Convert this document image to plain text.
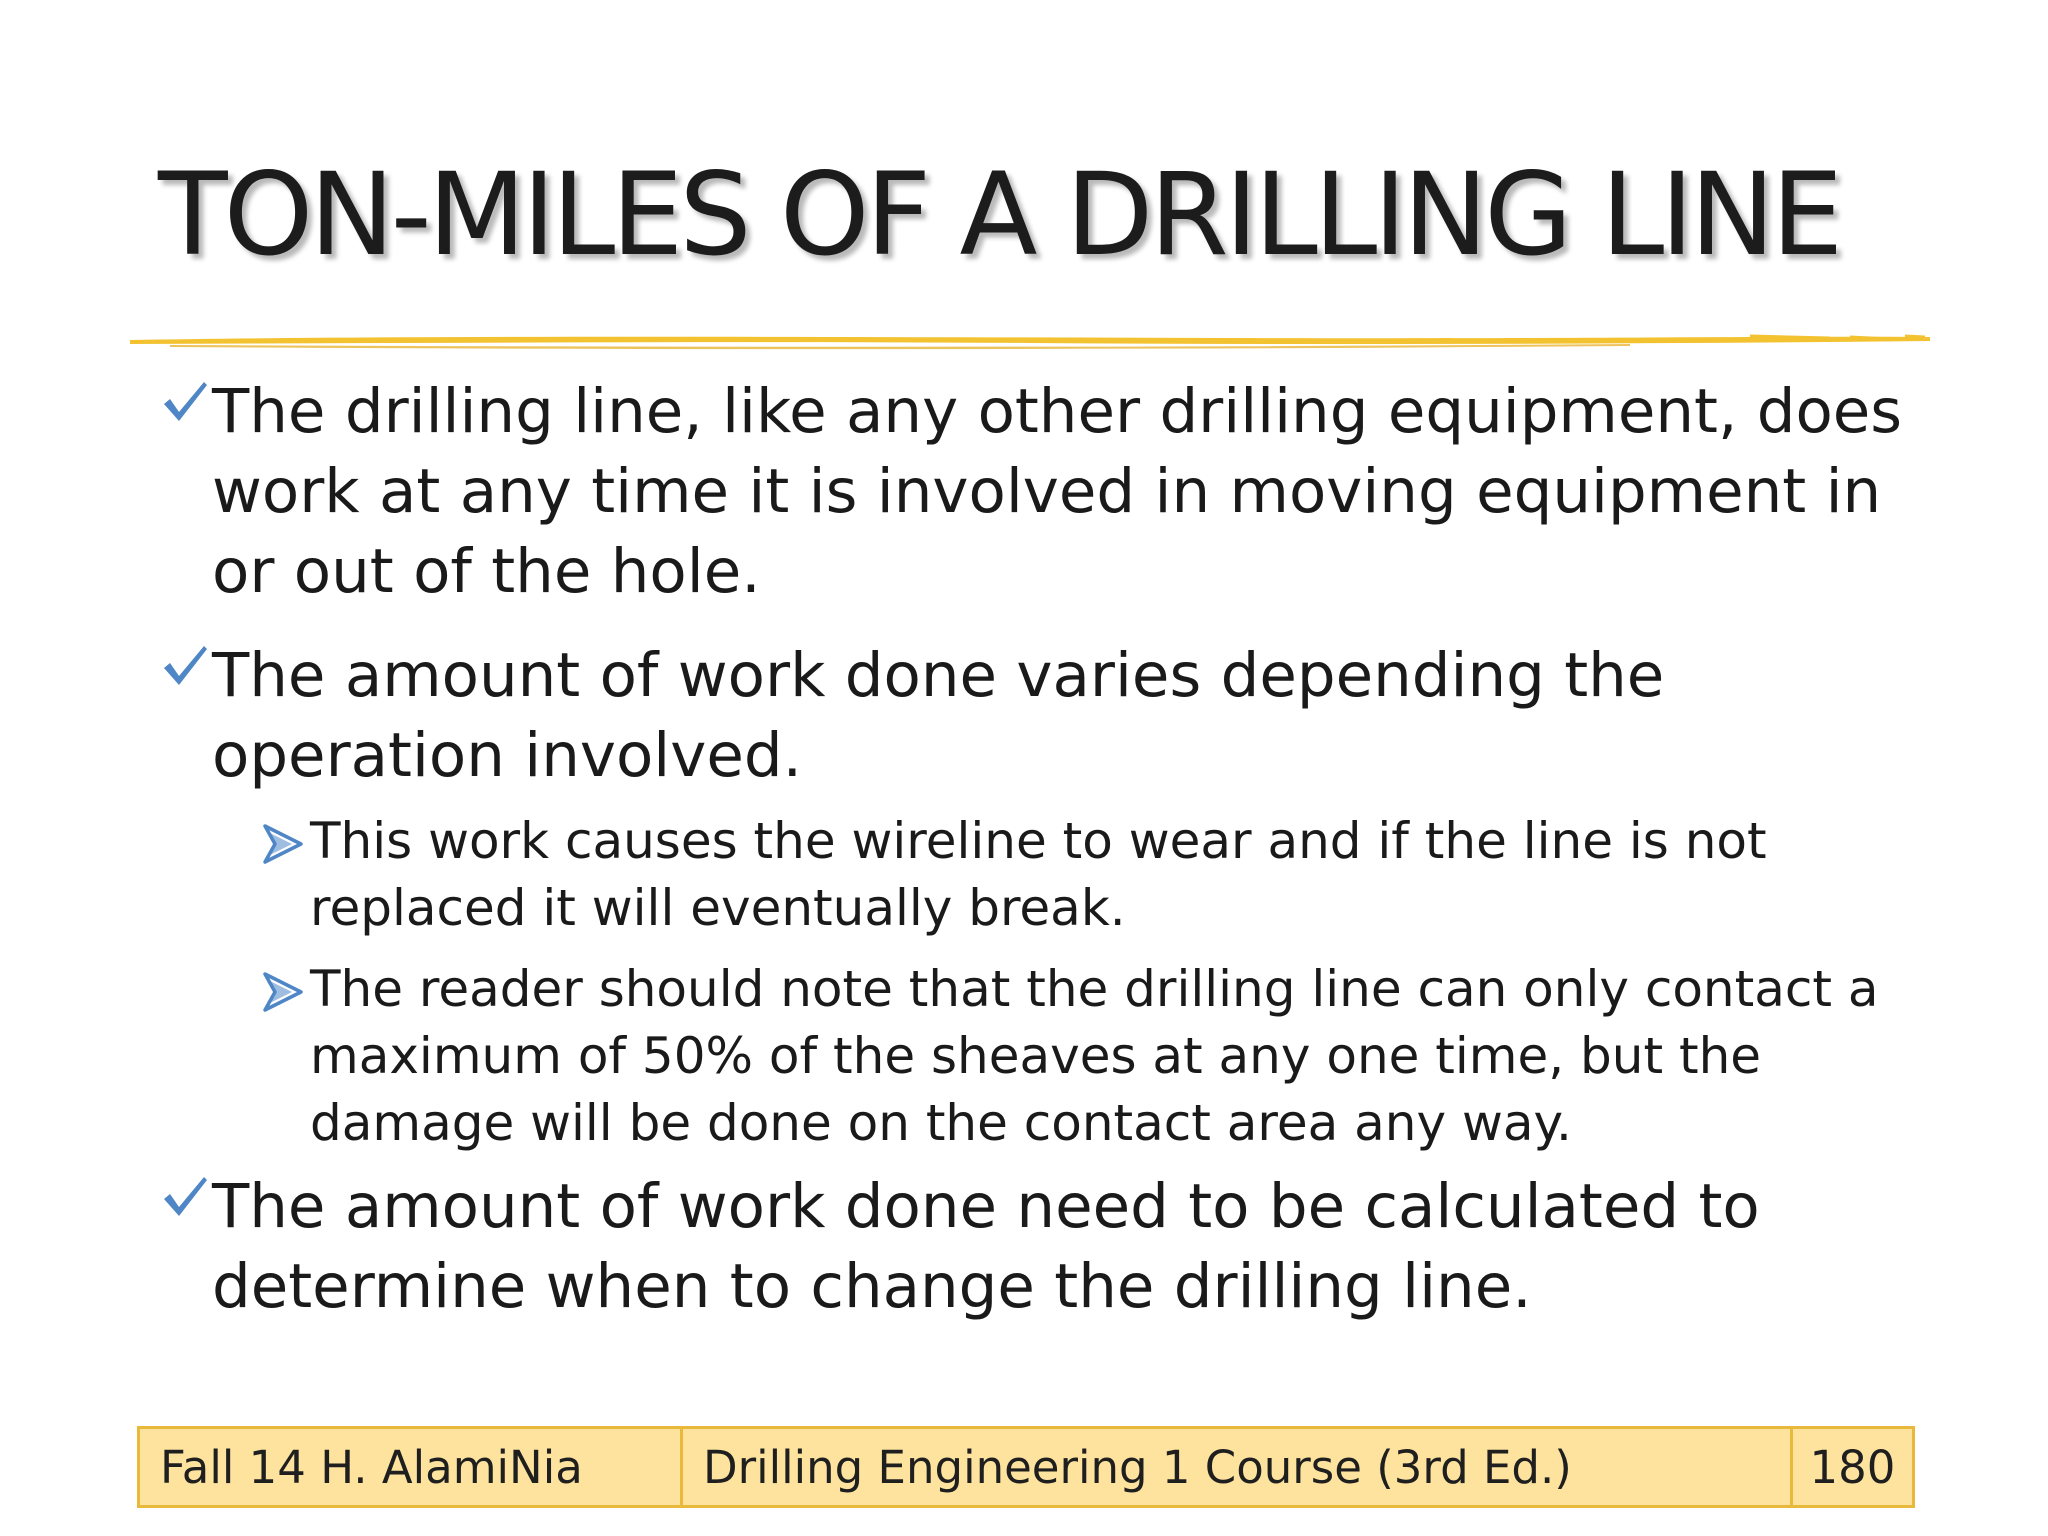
TON-MILES OF A DRILLING LINE
The drilling line, like any other drilling equipment, does work at any time it is involved in moving equipment in or out of the hole.
The amount of work done varies depending the operation involved.
This work causes the wireline to wear and if the line is not replaced it will eventually break.
The reader should note that the drilling line can only contact a maximum of 50% of the sheaves at any one time, but the damage will be done on the contact area any way.
The amount of work done need to be calculated to determine when to change the drilling line.
Fall 14 H. AlamiNia	Drilling Engineering 1 Course (3rd Ed.)	180
